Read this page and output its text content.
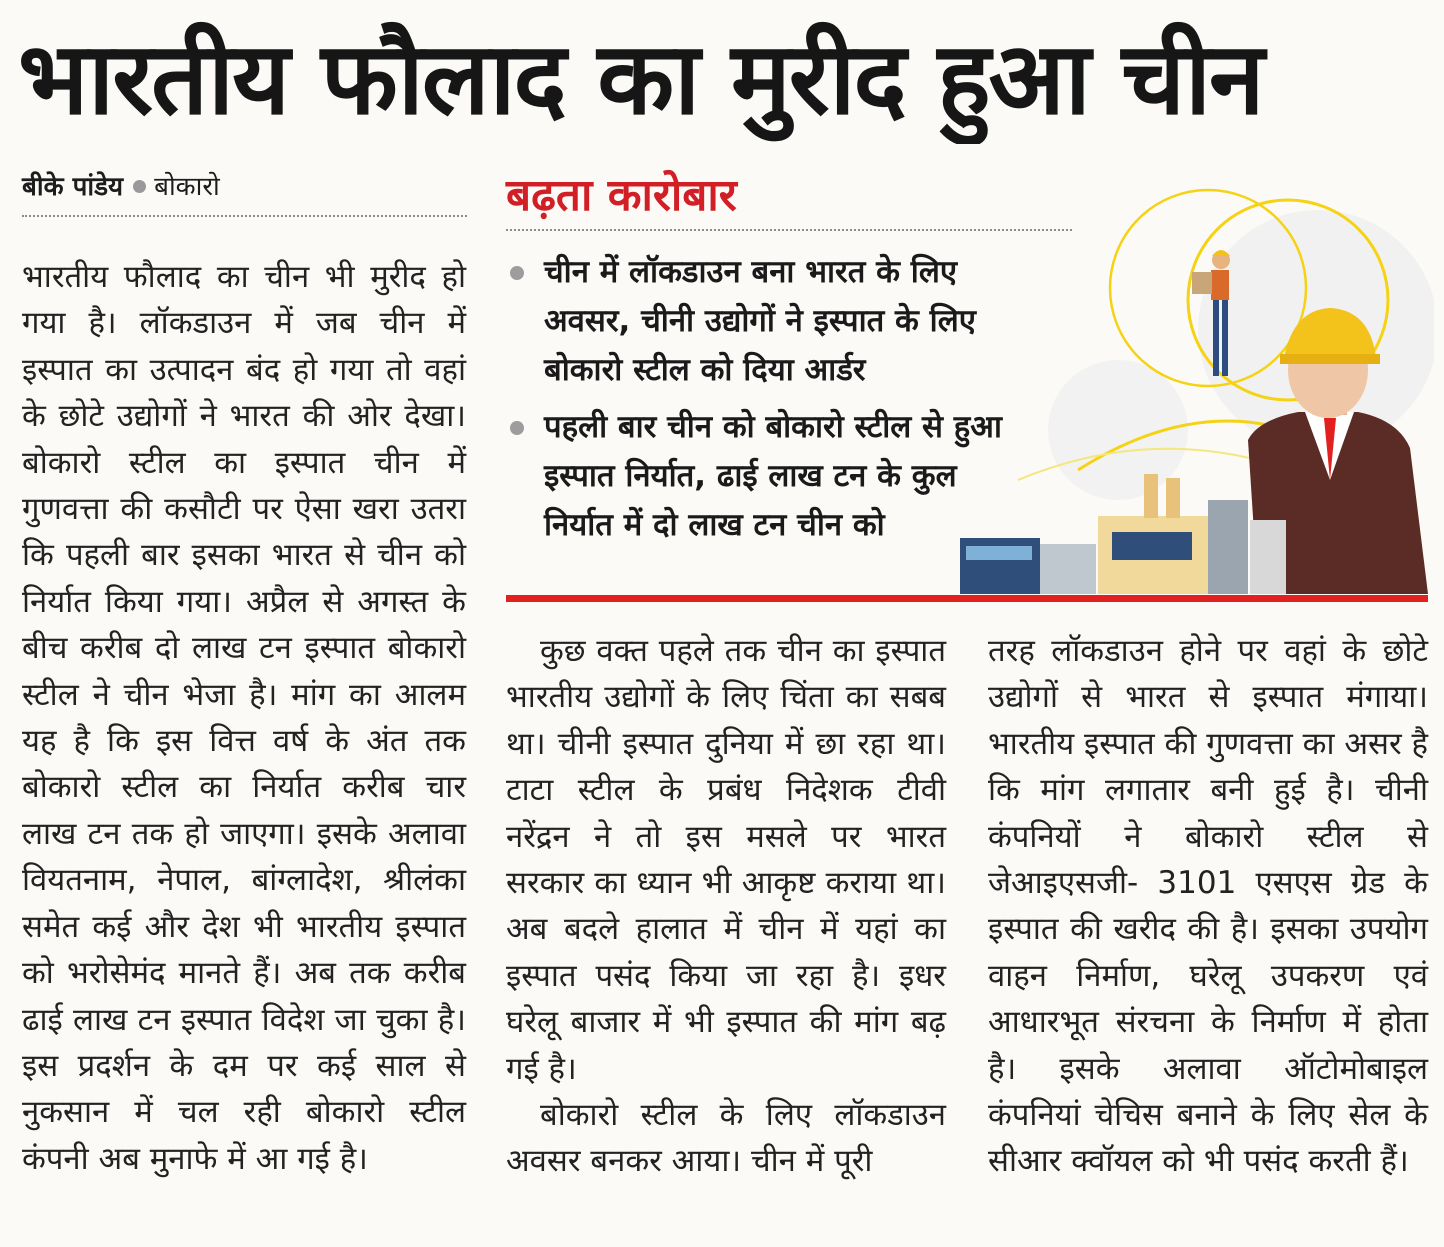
भारतीय फौलाद का मुरीद हुआ चीन
बीके पांडेय बोकारो

भारतीय फौलाद का चीन भी मुरीद हो गया है। लॉकडाउन में जब चीन में इस्पात का उत्पादन बंद हो गया तो वहां के छोटे उद्योगों ने भारत की ओर देखा। बोकारो स्टील का इस्पात चीन में गुणवत्ता की कसौटी पर ऐसा खरा उतरा कि पहली बार इसका भारत से चीन को निर्यात किया गया। अप्रैल से अगस्त के बीच करीब दो लाख टन इस्पात बोकारो स्टील ने चीन भेजा है। मांग का आलम यह है कि इस वित्त वर्ष के अंत तक बोकारो स्टील का निर्यात करीब चार लाख टन तक हो जाएगा। इसके अलावा वियतनाम, नेपाल, बांग्लादेश, श्रीलंका समेत कई और देश भी भारतीय इस्पात को भरोसेमंद मानते हैं। अब तक करीब ढाई लाख टन इस्पात विदेश जा चुका है। इस प्रदर्शन के दम पर कई साल से नुकसान में चल रही बोकारो स्टील कंपनी अब मुनाफे में आ गई है।

बढ़ता कारोबार
चीन में लॉकडाउन बना भारत के लिए अवसर, चीनी उद्योगों ने इस्पात के लिए बोकारो स्टील को दिया आर्डर
पहली बार चीन को बोकारो स्टील से हुआ इस्पात निर्यात, ढाई लाख टन के कुल निर्यात में दो लाख टन चीन को

कुछ वक्त पहले तक चीन का इस्पात भारतीय उद्योगों के लिए चिंता का सबब था। चीनी इस्पात दुनिया में छा रहा था। टाटा स्टील के प्रबंध निदेशक टीवी नरेंद्रन ने तो इस मसले पर भारत सरकार का ध्यान भी आकृष्ट कराया था। अब बदले हालात में चीन में यहां का इस्पात पसंद किया जा रहा है। इधर घरेलू बाजार में भी इस्पात की मांग बढ़ गई है।

बोकारो स्टील के लिए लॉकडाउन अवसर बनकर आया। चीन में पूरी

तरह लॉकडाउन होने पर वहां के छोटे उद्योगों से भारत से इस्पात मंगाया। भारतीय इस्पात की गुणवत्ता का असर है कि मांग लगातार बनी हुई है। चीनी कंपनियों ने बोकारो स्टील से जेआइएसजी- 3101 एसएस ग्रेड के इस्पात की खरीद की है। इसका उपयोग वाहन निर्माण, घरेलू उपकरण एवं आधारभूत संरचना के निर्माण में होता है। इसके अलावा ऑटोमोबाइल कंपनियां चेचिस बनाने के लिए सेल के सीआर क्वॉयल को भी पसंद करती हैं।
